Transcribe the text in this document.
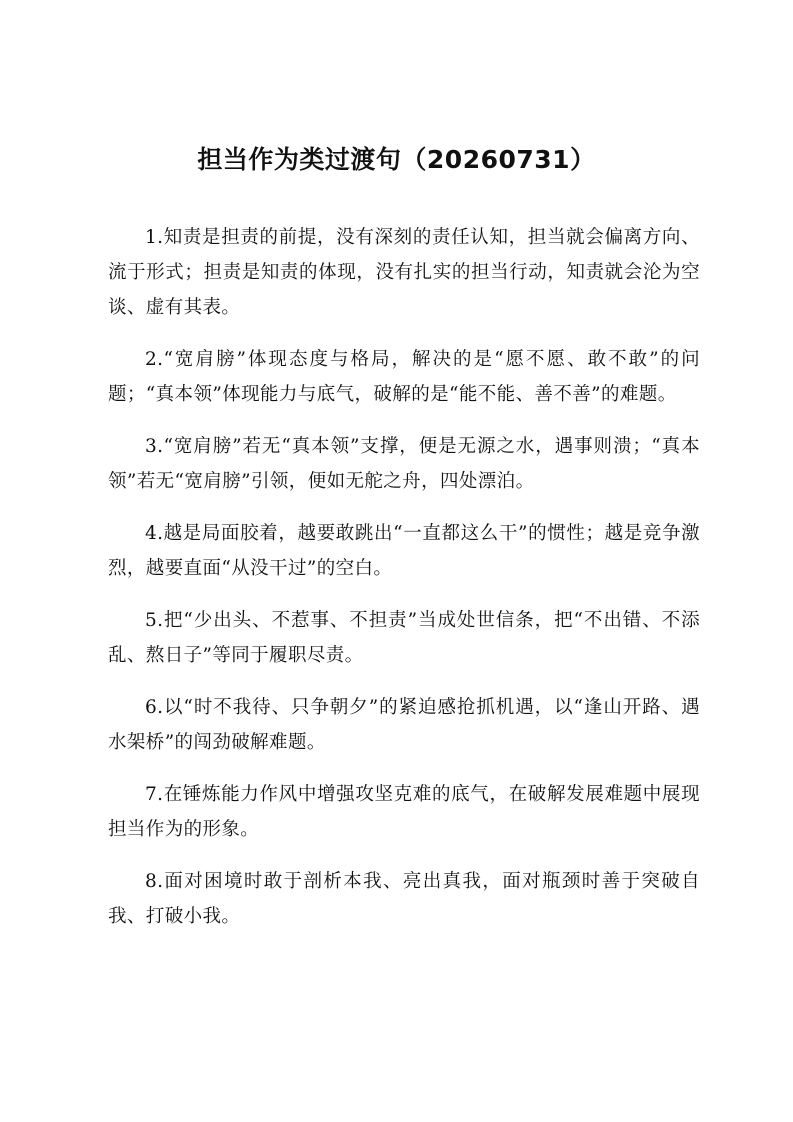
担当作为类过渡句（20260731）

1.知责是担责的前提，没有深刻的责任认知，担当就会偏离方向、流于形式；担责是知责的体现，没有扎实的担当行动，知责就会沦为空谈、虚有其表。

2.“宽肩膀”体现态度与格局，解决的是“愿不愿、敢不敢”的问题；“真本领”体现能力与底气，破解的是“能不能、善不善”的难题。

3.“宽肩膀”若无“真本领”支撑，便是无源之水，遇事则溃；“真本领”若无“宽肩膀”引领，便如无舵之舟，四处漂泊。

4.越是局面胶着，越要敢跳出“一直都这么干”的惯性；越是竞争激烈，越要直面“从没干过”的空白。

5.把“少出头、不惹事、不担责”当成处世信条，把“不出错、不添乱、熬日子”等同于履职尽责。

6.以“时不我待、只争朝夕”的紧迫感抢抓机遇，以“逢山开路、遇水架桥”的闯劲破解难题。

7.在锤炼能力作风中增强攻坚克难的底气，在破解发展难题中展现担当作为的形象。

8.面对困境时敢于剖析本我、亮出真我，面对瓶颈时善于突破自我、打破小我。
